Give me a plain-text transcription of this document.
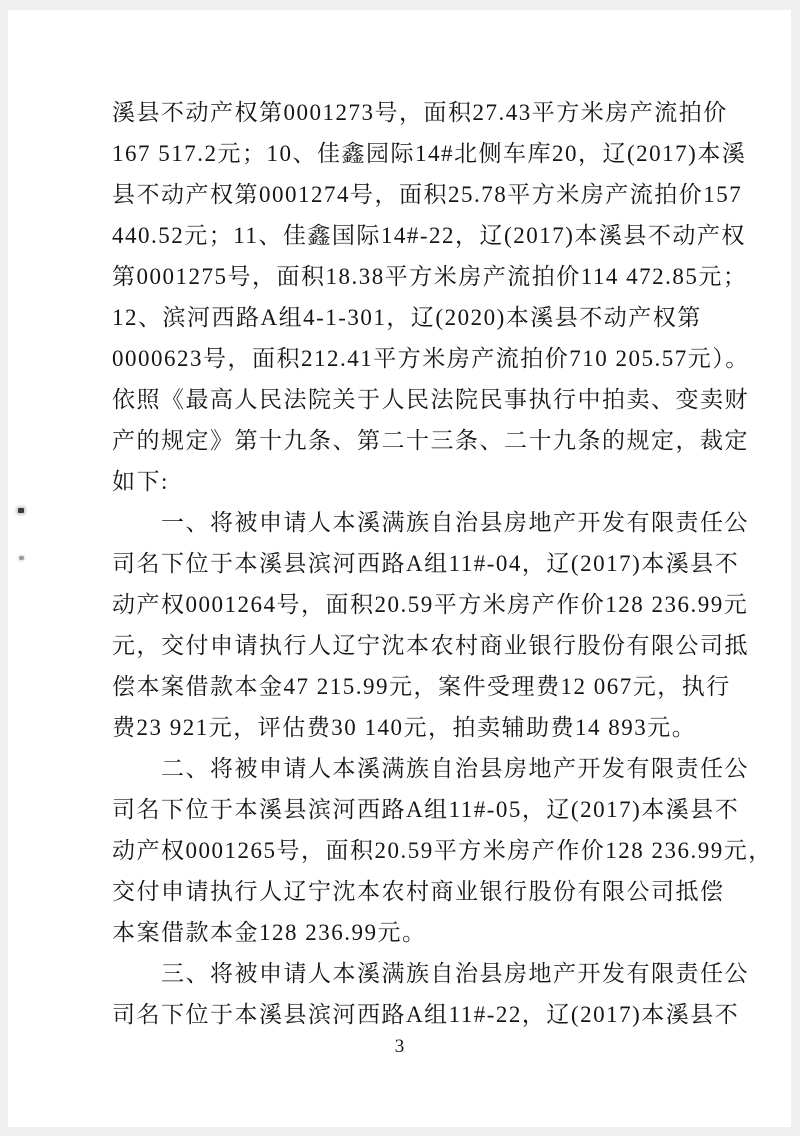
溪县不动产权第0001273号，面积27.43平方米房产流拍价
167 517.2元；10、佳鑫园际14#北侧车库20，辽(2017)本溪
县不动产权第0001274号，面积25.78平方米房产流拍价157
440.52元；11、佳鑫国际14#-22，辽(2017)本溪县不动产权
第0001275号，面积18.38平方米房产流拍价114 472.85元；
12、滨河西路A组4-1-301，辽(2020)本溪县不动产权第
0000623号，面积212.41平方米房产流拍价710 205.57元）。
依照《最高人民法院关于人民法院民事执行中拍卖、变卖财
产的规定》第十九条、第二十三条、二十九条的规定，裁定
如下:
　　一、将被申请人本溪满族自治县房地产开发有限责任公
司名下位于本溪县滨河西路A组11#-04，辽(2017)本溪县不
动产权0001264号，面积20.59平方米房产作价128 236.99元
元，交付申请执行人辽宁沈本农村商业银行股份有限公司抵
偿本案借款本金47 215.99元，案件受理费12 067元，执行
费23 921元，评估费30 140元，拍卖辅助费14 893元。
　　二、将被申请人本溪满族自治县房地产开发有限责任公
司名下位于本溪县滨河西路A组11#-05，辽(2017)本溪县不
动产权0001265号，面积20.59平方米房产作价128 236.99元，
交付申请执行人辽宁沈本农村商业银行股份有限公司抵偿
本案借款本金128 236.99元。
　　三、将被申请人本溪满族自治县房地产开发有限责任公
司名下位于本溪县滨河西路A组11#-22，辽(2017)本溪县不
3
